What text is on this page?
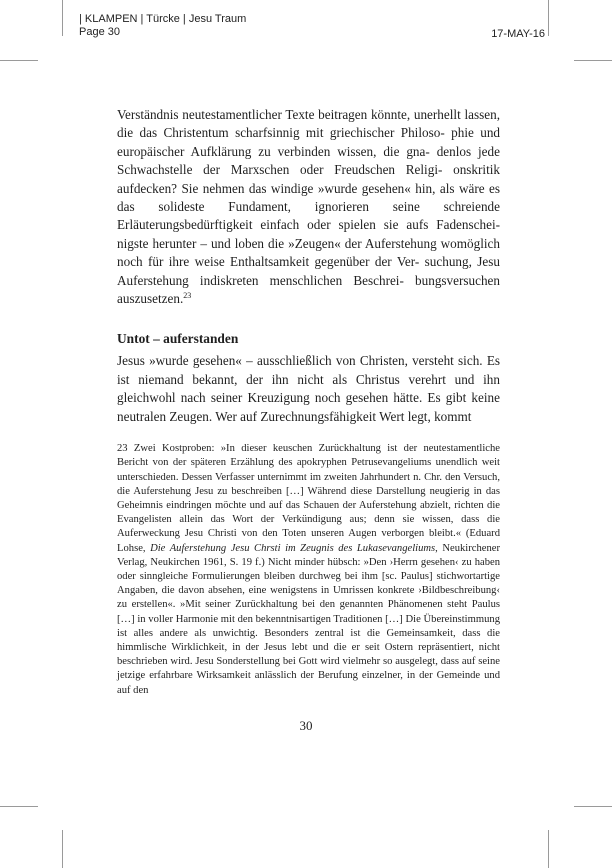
| KLAMPEN | Türcke | Jesu Traum
Page 30	17-MAY-16

Verständnis neutestamentlicher Texte beitragen könnte, unerhellt lassen, die das Christentum scharfsinnig mit griechischer Philoso- phie und europäischer Aufklärung zu verbinden wissen, die gna- denlos jede Schwachstelle der Marxschen oder Freudschen Religi- onskritik aufdecken? Sie nehmen das windige »wurde gesehen« hin, als wäre es das solideste Fundament, ignorieren seine schreiende Erläuterungsbedürftigkeit einfach oder spielen sie aufs Fadenschei- nigste herunter – und loben die »Zeugen« der Auferstehung womöglich noch für ihre weise Enthaltsamkeit gegenüber der Ver- suchung, Jesu Auferstehung indiskreten menschlichen Beschrei- bungsversuchen auszusetzen.$^{23}$

Untot – auferstanden

Jesus »wurde gesehen« – ausschließlich von Christen, versteht sich. Es ist niemand bekannt, der ihn nicht als Christus verehrt und ihn gleichwohl nach seiner Kreuzigung noch gesehen hätte. Es gibt keine neutralen Zeugen. Wer auf Zurechnungsfähigkeit Wert legt, kommt

23 Zwei Kostproben: »In dieser keuschen Zurückhaltung ist der neutestamentliche Bericht von der späteren Erzählung des apokryphen Petrusevangeliums unendlich weit unterschieden. Dessen Verfasser unternimmt im zweiten Jahrhundert n. Chr. den Versuch, die Auferstehung Jesu zu beschreiben […] Während diese Darstellung neugierig in das Geheimnis eindringen möchte und auf das Schauen der Auferstehung abzielt, richten die Evangelisten allein das Wort der Verkündigung aus; denn sie wissen, dass die Auferweckung Jesu Christi von den Toten unseren Augen verborgen bleibt.« (Eduard Lohse, Die Auferstehung Jesu Chrsti im Zeugnis des Lukasevangeliums, Neukirchener Verlag, Neukirchen 1961, S. 19 f.) Nicht minder hübsch: »Den ›Herrn gesehen‹ zu haben oder sinngleiche Formulierungen bleiben durchweg bei ihm [sc. Paulus] stichwortartige Angaben, die davon absehen, eine wenigstens in Umrissen konkrete ›Bildbeschreibung‹ zu erstellen«. »Mit seiner Zurückhaltung bei den genannten Phänomenen steht Paulus […] in voller Harmonie mit den bekenntnisartigen Traditionen […] Die Übereinstimmung ist alles andere als unwichtig. Besonders zentral ist die Gemeinsamkeit, dass die himmlische Wirklichkeit, in der Jesus lebt und die er seit Ostern repräsentiert, nicht beschrieben wird. Jesu Sonderstellung bei Gott wird vielmehr so ausgelegt, dass auf seine jetzige erfahrbare Wirksamkeit anlässlich der Berufung einzelner, in der Gemeinde und auf den
30
